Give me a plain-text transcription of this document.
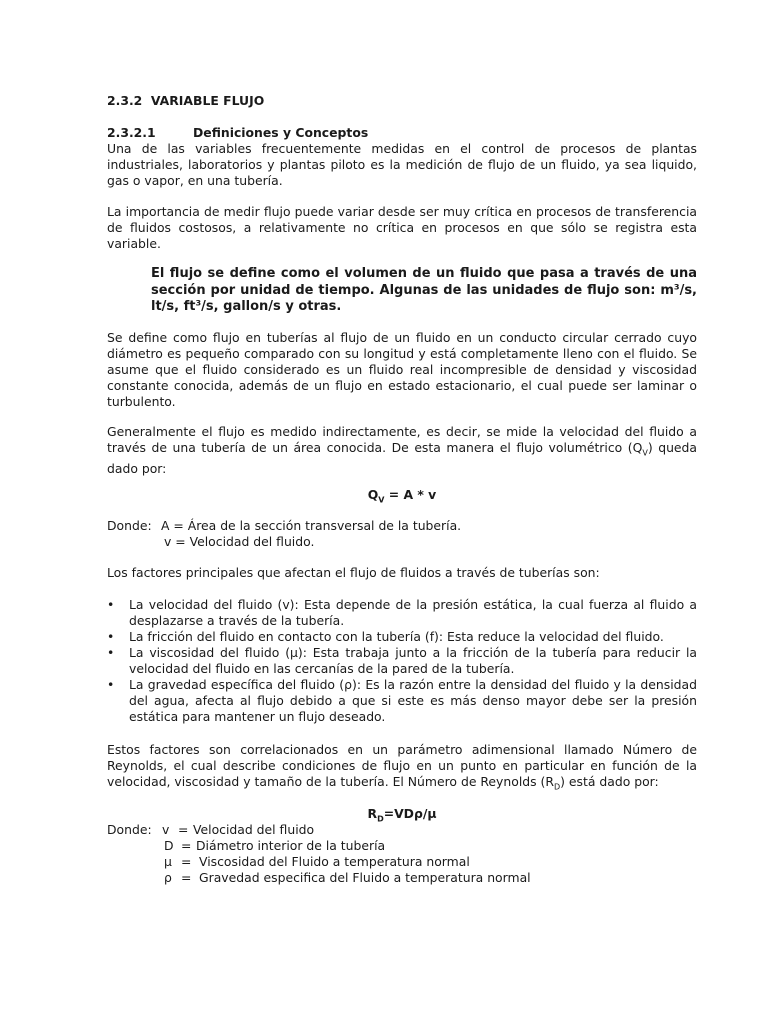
2.3.2 VARIABLE FLUJO
2.3.2.1	Definiciones y Conceptos

Una de las variables frecuentemente medidas en el control de procesos de plantas industriales, laboratorios y plantas piloto es la medición de flujo de un fluido, ya sea liquido, gas o vapor, en una tubería.

La importancia de medir flujo puede variar desde ser muy crítica en procesos de transferencia de fluidos costosos, a relativamente no crítica en procesos en que sólo se registra esta variable.

El flujo se define como el volumen de un fluido que pasa a través de una sección por unidad de tiempo. Algunas de las unidades de flujo son: m³/s, lt/s, ft³/s, gallon/s y otras.

Se define como flujo en tuberías al flujo de un fluido en un conducto circular cerrado cuyo diámetro es pequeño comparado con su longitud y está completamente lleno con el fluido. Se asume que el fluido considerado es un fluido real incompresible de densidad y viscosidad constante conocida, además de un flujo en estado estacionario, el cual puede ser laminar o turbulento.

Generalmente el flujo es medido indirectamente, es decir, se mide la velocidad del fluido a través de una tubería de un área conocida. De esta manera el flujo volumétrico $(Q_V)$ queda dado por:

$Q_V = A * v$
Donde: A = Área de la sección transversal de la tubería.
v = Velocidad del fluido.

Los factores principales que afectan el flujo de fluidos a través de tuberías son:

• La velocidad del fluido (v): Esta depende de la presión estática, la cual fuerza al fluido a desplazarse a través de la tubería.
• La fricción del fluido en contacto con la tubería (f): Esta reduce la velocidad del fluido.
• La viscosidad del fluido (μ): Esta trabaja junto a la fricción de la tubería para reducir la velocidad del fluido en las cercanías de la pared de la tubería.
• La gravedad específica del fluido (ρ): Es la razón entre la densidad del fluido y la densidad del agua, afecta al flujo debido a que si este es más denso mayor debe ser la presión estática para mantener un flujo deseado.

Estos factores son correlacionados en un parámetro adimensional llamado Número de Reynolds, el cual describe condiciones de flujo en un punto en particular en función de la velocidad, viscosidad y tamaño de la tubería. El Número de Reynolds $(R_D)$ está dado por:

$R_D=VD\rho/\mu$
Donde: v = Velocidad del fluido
D = Diámetro interior de la tubería
μ = Viscosidad del Fluido a temperatura normal
ρ = Gravedad especifica del Fluido a temperatura normal
